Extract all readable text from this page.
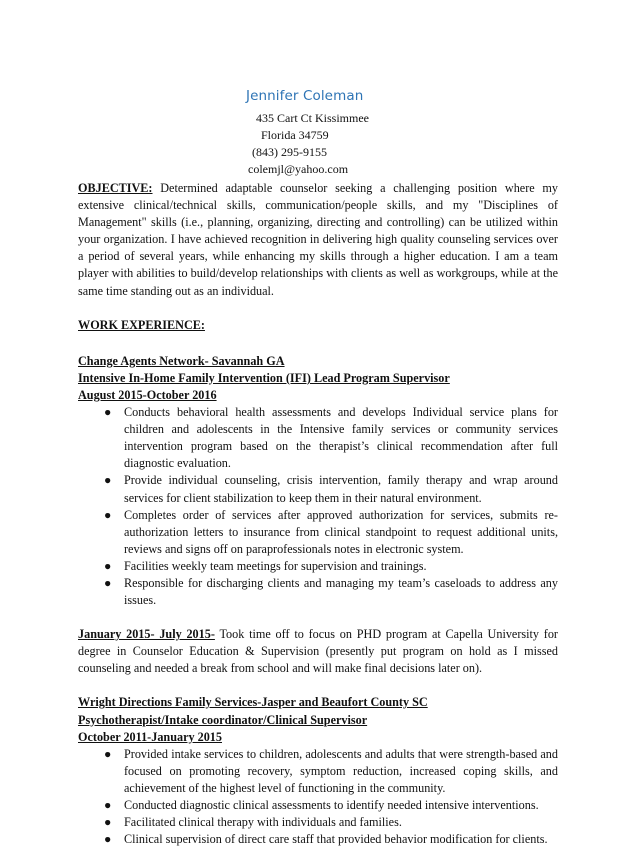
Jennifer Coleman
435 Cart Ct Kissimmee
Florida 34759
(843) 295-9155
colemjl@yahoo.com

OBJECTIVE: Determined adaptable counselor seeking a challenging position where my extensive clinical/technical skills, communication/people skills, and my "Disciplines of Management" skills (i.e., planning, organizing, directing and controlling) can be utilized within your organization. I have achieved recognition in delivering high quality counseling services over a period of several years, while enhancing my skills through a higher education. I am a team player with abilities to build/develop relationships with clients as well as workgroups, while at the same time standing out as an individual.

WORK EXPERIENCE:

Change Agents Network- Savannah GA

Intensive In-Home Family Intervention (IFI) Lead Program Supervisor

August 2015-October 2016

● Conducts behavioral health assessments and develops Individual service plans for children and adolescents in the Intensive family services or community services intervention program based on the therapist’s clinical recommendation after full diagnostic evaluation.
● Provide individual counseling, crisis intervention, family therapy and wrap around services for client stabilization to keep them in their natural environment.
● Completes order of services after approved authorization for services, submits re-authorization letters to insurance from clinical standpoint to request additional units, reviews and signs off on paraprofessionals notes in electronic system.
● Facilities weekly team meetings for supervision and trainings.
● Responsible for discharging clients and managing my team’s caseloads to address any issues.

January 2015- July 2015- Took time off to focus on PHD program at Capella University for degree in Counselor Education & Supervision (presently put program on hold as I missed counseling and needed a break from school and will make final decisions later on).

Wright Directions Family Services-Jasper and Beaufort County SC

Psychotherapist/Intake coordinator/Clinical Supervisor

October 2011-January 2015

● Provided intake services to children, adolescents and adults that were strength-based and focused on promoting recovery, symptom reduction, increased coping skills, and achievement of the highest level of functioning in the community.
● Conducted diagnostic clinical assessments to identify needed intensive interventions.
● Facilitated clinical therapy with individuals and families.
● Clinical supervision of direct care staff that provided behavior modification for clients.
